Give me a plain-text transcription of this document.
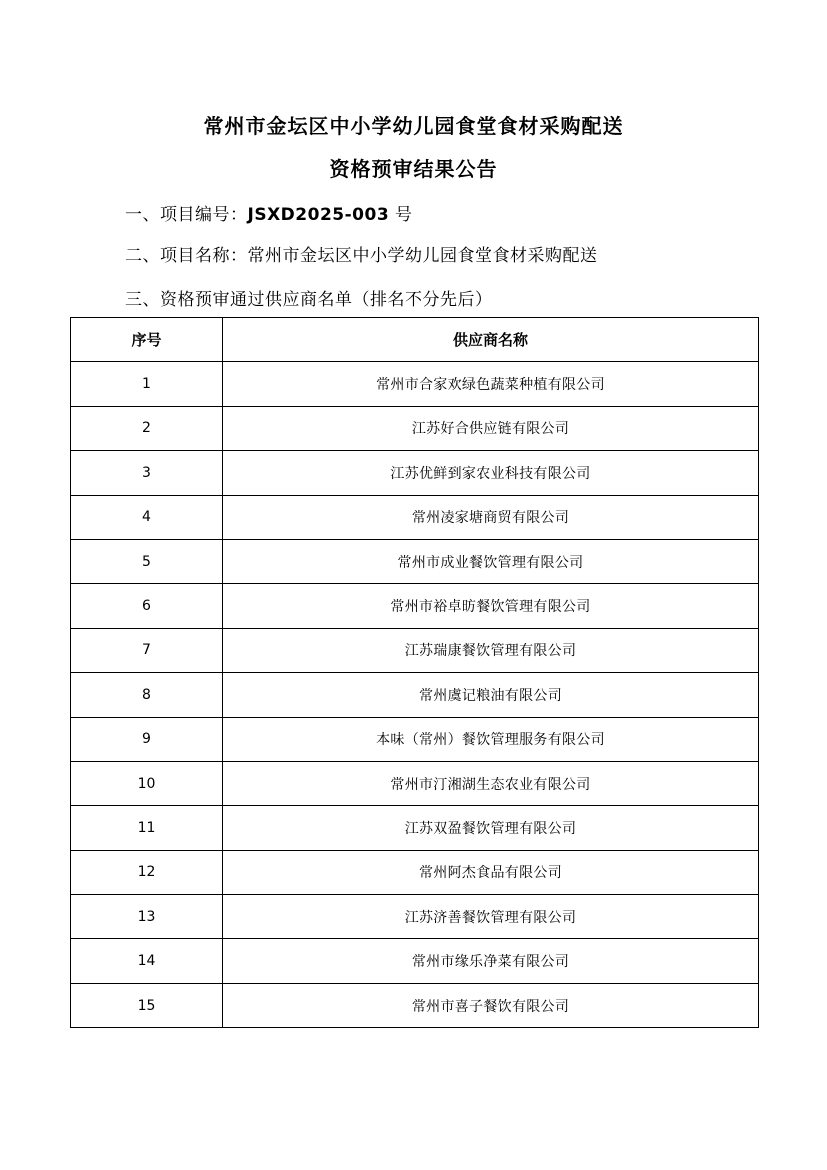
常州市金坛区中小学幼儿园食堂食材采购配送
资格预审结果公告
一、项目编号：JSXD2025-003 号
二、项目名称：常州市金坛区中小学幼儿园食堂食材采购配送
三、资格预审通过供应商名单（排名不分先后）
序号	供应商名称
1	常州市合家欢绿色蔬菜种植有限公司
2	江苏好合供应链有限公司
3	江苏优鲜到家农业科技有限公司
4	常州凌家塘商贸有限公司
5	常州市成业餐饮管理有限公司
6	常州市裕卓昉餐饮管理有限公司
7	江苏瑞康餐饮管理有限公司
8	常州虞记粮油有限公司
9	本味（常州）餐饮管理服务有限公司
10	常州市汀湘湖生态农业有限公司
11	江苏双盈餐饮管理有限公司
12	常州阿杰食品有限公司
13	江苏济善餐饮管理有限公司
14	常州市缘乐净菜有限公司
15	常州市喜子餐饮有限公司
